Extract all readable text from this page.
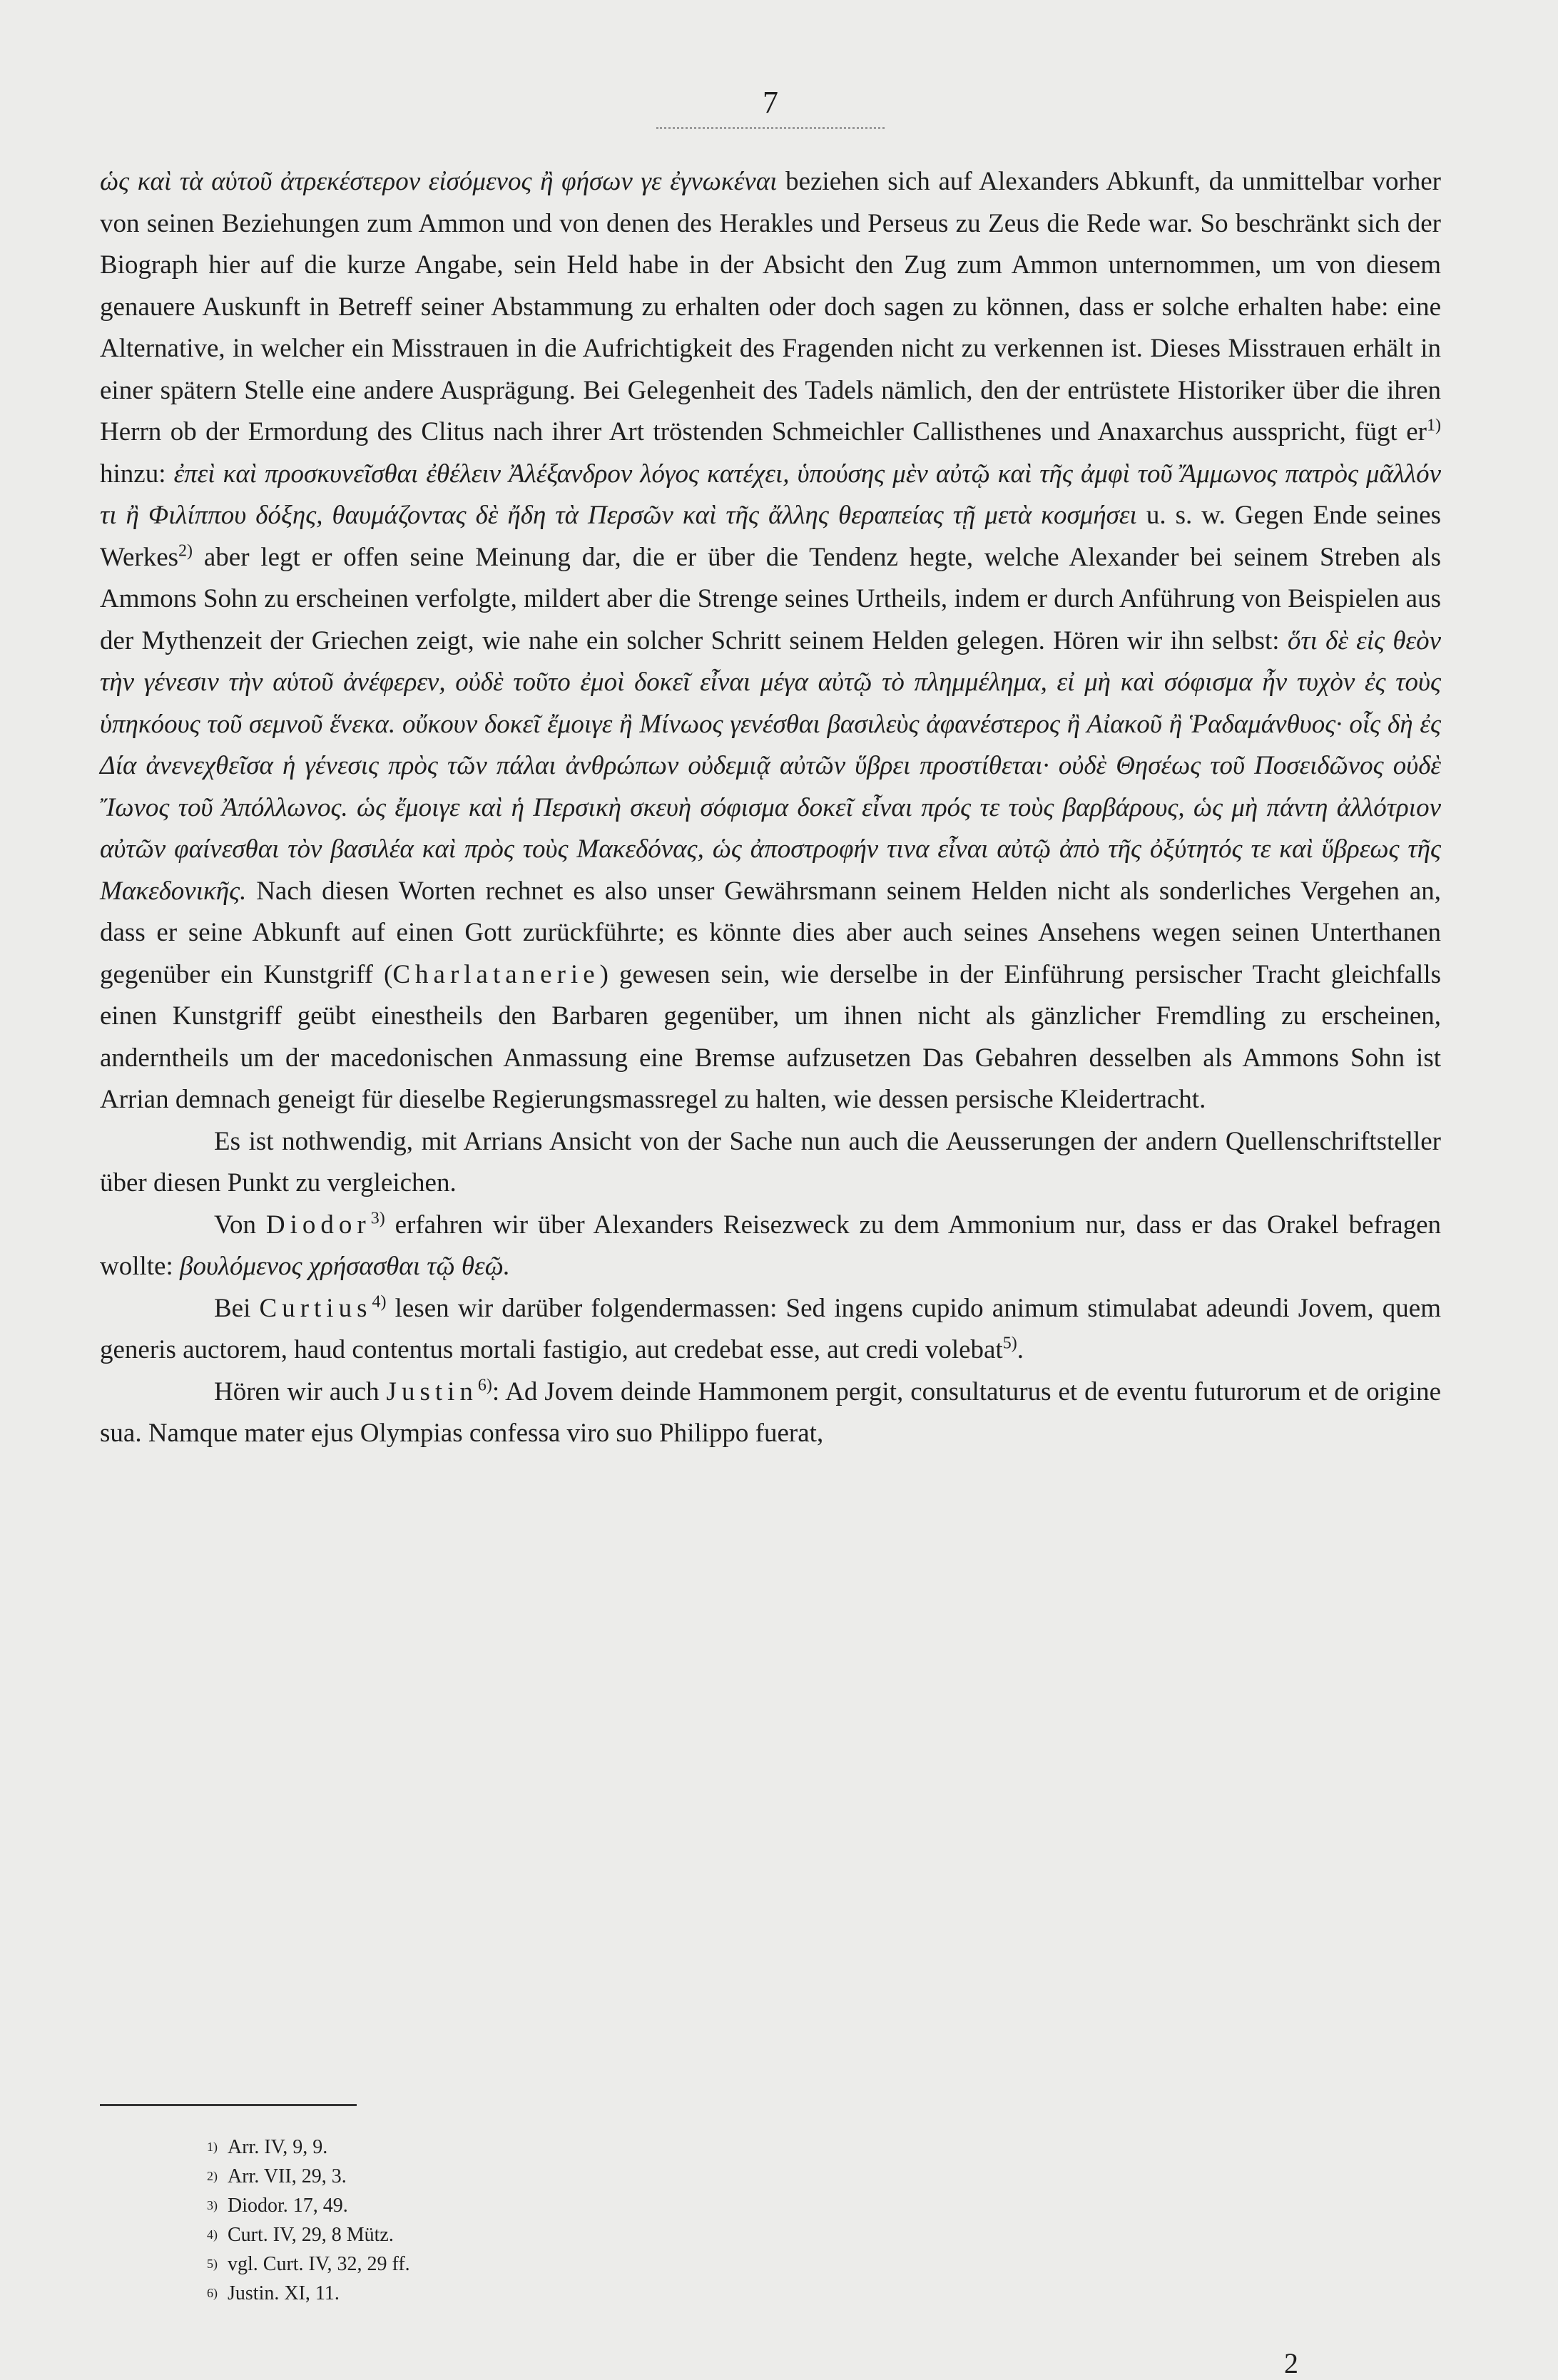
7

ὡς καὶ τὰ αὑτοῦ ἀτρεκέστερον εἰσόμενος ἢ φήσων γε ἐγνωκέναι beziehen sich auf Alexanders Abkunft, da unmittelbar vorher von seinen Beziehungen zum Ammon und von denen des Herakles und Perseus zu Zeus die Rede war. So beschränkt sich der Biograph hier auf die kurze Angabe, sein Held habe in der Absicht den Zug zum Ammon unternommen, um von diesem genauere Auskunft in Betreff seiner Abstammung zu erhalten oder doch sagen zu können, dass er solche erhalten habe: eine Alternative, in welcher ein Misstrauen in die Aufrichtigkeit des Fragenden nicht zu verkennen ist. Dieses Misstrauen erhält in einer spätern Stelle eine andere Ausprägung. Bei Gelegenheit des Tadels nämlich, den der entrüstete Historiker über die ihren Herrn ob der Ermordung des Clitus nach ihrer Art tröstenden Schmeichler Callisthenes und Anaxarchus ausspricht, fügt er$^{1)}$ hinzu: ἐπεὶ καὶ προσκυνεῖσθαι ἐθέλειν Ἀλέξανδρον λόγος κατέχει, ὑπούσης μὲν αὐτῷ καὶ τῆς ἀμφὶ τοῦ Ἄμμωνος πατρὸς μᾶλλόν τι ἢ Φιλίππου δόξης, θαυμάζοντας δὲ ἤδη τὰ Περσῶν καὶ τῆς ἄλλης θεραπείας τῇ μετὰ κοσμήσει u. s. w. Gegen Ende seines Werkes$^{2)}$ aber legt er offen seine Meinung dar, die er über die Tendenz hegte, welche Alexander bei seinem Streben als Ammons Sohn zu erscheinen verfolgte, mildert aber die Strenge seines Urtheils, indem er durch Anführung von Beispielen aus der Mythenzeit der Griechen zeigt, wie nahe ein solcher Schritt seinem Helden gelegen. Hören wir ihn selbst: ὅτι δὲ εἰς θεὸν τὴν γένεσιν τὴν αὑτοῦ ἀνέφερεν, οὐδὲ τοῦτο ἐμοὶ δοκεῖ εἶναι μέγα αὐτῷ τὸ πλημμέλημα, εἰ μὴ καὶ σόφισμα ἦν τυχὸν ἐς τοὺς ὑπηκόους τοῦ σεμνοῦ ἕνεκα. οὔκουν δοκεῖ ἔμοιγε ἢ Μίνωος γενέσθαι βασιλεὺς ἀφανέστερος ἢ Αἰακοῦ ἢ Ῥαδαμάνθυος· οἷς δὴ ἐς Δία ἀνενεχθεῖσα ἡ γένεσις πρὸς τῶν πάλαι ἀνθρώπων οὐδεμιᾷ αὐτῶν ὕβρει προστίθεται· οὐδὲ Θησέως τοῦ Ποσειδῶνος οὐδὲ Ἴωνος τοῦ Ἀπόλλωνος. ὡς ἔμοιγε καὶ ἡ Περσικὴ σκευὴ σόφισμα δοκεῖ εἶναι πρός τε τοὺς βαρβάρους, ὡς μὴ πάντη ἀλλότριον αὐτῶν φαίνεσθαι τὸν βασιλέα καὶ πρὸς τοὺς Μακεδόνας, ὡς ἀποστροφήν τινα εἶναι αὐτῷ ἀπὸ τῆς ὀξύτητός τε καὶ ὕβρεως τῆς Μακεδονικῆς. Nach diesen Worten rechnet es also unser Gewährsmann seinem Helden nicht als sonderliches Vergehen an, dass er seine Abkunft auf einen Gott zurückführte; es könnte dies aber auch seines Ansehens wegen seinen Unterthanen gegenüber ein Kunstgriff (Charlatanerie) gewesen sein, wie derselbe in der Einführung persischer Tracht gleichfalls einen Kunstgriff geübt einestheils den Barbaren gegenüber, um ihnen nicht als gänzlicher Fremdling zu erscheinen, anderntheils um der macedonischen Anmassung eine Bremse aufzusetzen Das Gebahren desselben als Ammons Sohn ist Arrian demnach geneigt für dieselbe Regierungsmassregel zu halten, wie dessen persische Kleidertracht.

Es ist nothwendig, mit Arrians Ansicht von der Sache nun auch die Aeusserungen der andern Quellenschriftsteller über diesen Punkt zu vergleichen.

Von Diodor$^{3)}$ erfahren wir über Alexanders Reisezweck zu dem Ammonium nur, dass er das Orakel befragen wollte: βουλόμενος χρήσασθαι τῷ θεῷ.

Bei Curtius$^{4)}$ lesen wir darüber folgendermassen: Sed ingens cupido animum stimulabat adeundi Jovem, quem generis auctorem, haud contentus mortali fastigio, aut credebat esse, aut credi volebat$^{5)}$.

Hören wir auch Justin$^{6)}$: Ad Jovem deinde Hammonem pergit, consultaturus et de eventu futurorum et de origine sua. Namque mater ejus Olympias confessa viro suo Philippo fuerat,

1) Arr. IV, 9, 9.
2) Arr. VII, 29, 3.
3) Diodor. 17, 49.
4) Curt. IV, 29, 8 Mütz.
5) vgl. Curt. IV, 32, 29 ff.
6) Justin. XI, 11.
2
